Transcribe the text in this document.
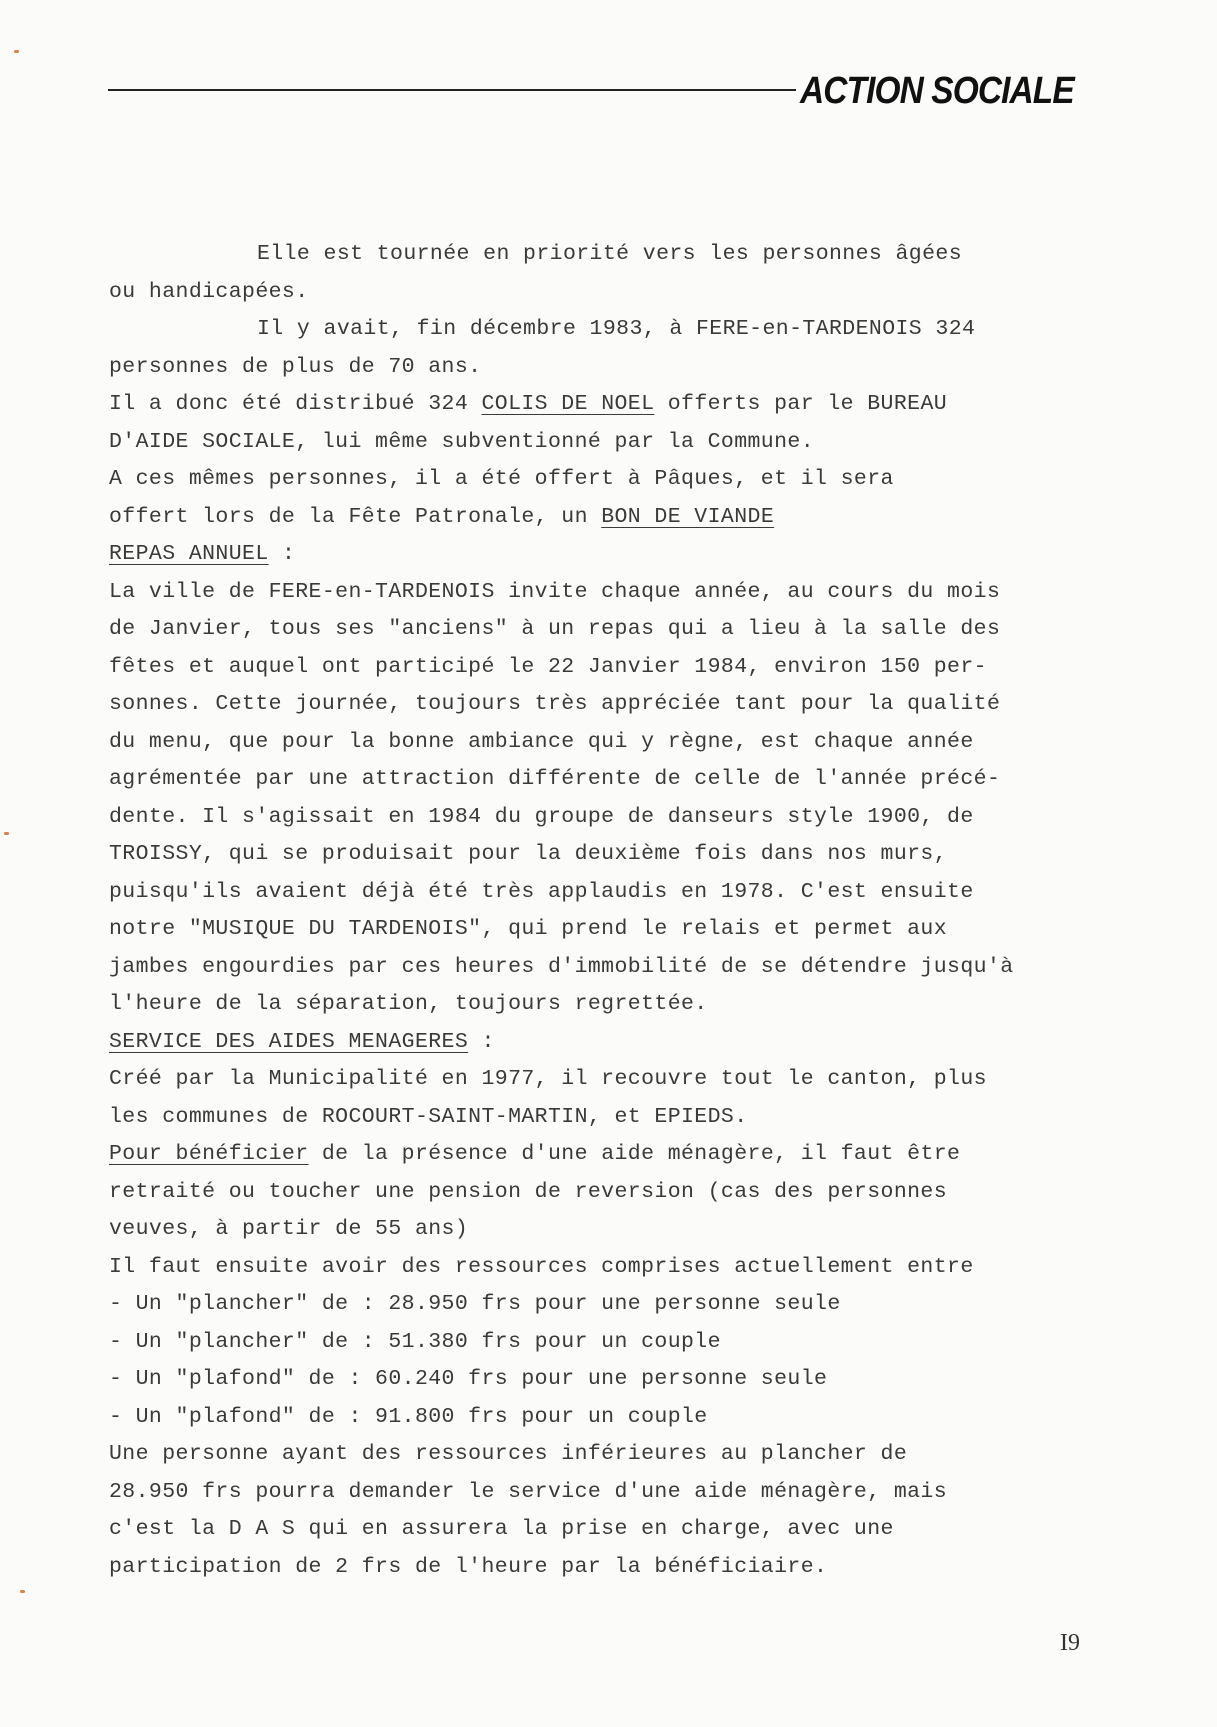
ACTION SOCIALE

Elle est tournée en priorité vers les personnes âgées

ou handicapées.

Il y avait, fin décembre 1983, à FERE-en-TARDENOIS 324

personnes de plus de 70 ans.

Il a donc été distribué 324 COLIS DE NOEL offerts par le BUREAU

D'AIDE SOCIALE, lui même subventionné par la Commune.

A ces mêmes personnes, il a été offert à Pâques, et il sera

offert lors de la Fête Patronale, un BON DE VIANDE

REPAS ANNUEL :

La ville de FERE-en-TARDENOIS invite chaque année, au cours du mois

de Janvier, tous ses "anciens" à un repas qui a lieu à la salle des

fêtes et auquel ont participé le 22 Janvier 1984, environ 150 per-

sonnes. Cette journée, toujours très appréciée tant pour la qualité

du menu, que pour la bonne ambiance qui y règne, est chaque année

agrémentée par une attraction différente de celle de l'année précé-

dente. Il s'agissait en 1984 du groupe de danseurs style 1900, de

TROISSY, qui se produisait pour la deuxième fois dans nos murs,

puisqu'ils avaient déjà été très applaudis en 1978. C'est ensuite

notre "MUSIQUE DU TARDENOIS", qui prend le relais et permet aux

jambes engourdies par ces heures d'immobilité de se détendre jusqu'à

l'heure de la séparation, toujours regrettée.

SERVICE DES AIDES MENAGERES :

Créé par la Municipalité en 1977, il recouvre tout le canton, plus

les communes de ROCOURT-SAINT-MARTIN, et EPIEDS.

Pour bénéficier de la présence d'une aide ménagère, il faut être

retraité ou toucher une pension de reversion (cas des personnes

veuves, à partir de 55 ans)

Il faut ensuite avoir des ressources comprises actuellement entre

- Un "plancher" de : 28.950 frs pour une personne seule

- Un "plancher" de : 51.380 frs pour un couple

- Un "plafond" de : 60.240 frs pour une personne seule

- Un "plafond" de : 91.800 frs pour un couple

Une personne ayant des ressources inférieures au plancher de

28.950 frs pourra demander le service d'une aide ménagère, mais

c'est la D A S qui en assurera la prise en charge, avec une

participation de 2 frs de l'heure par la bénéficiaire.

I9
